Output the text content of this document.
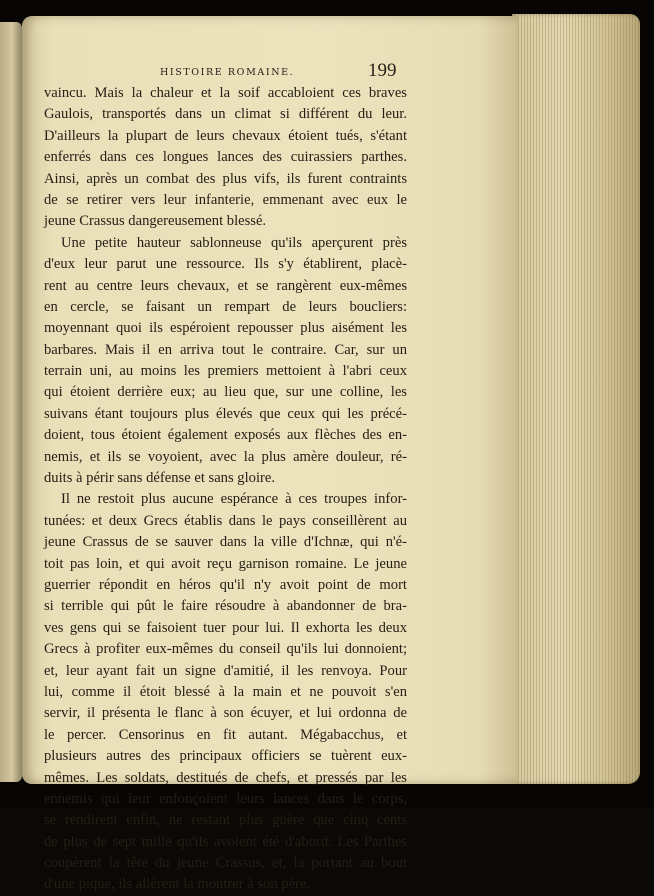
HISTOIRE ROMAINE.	199
vaincu. Mais la chaleur et la soif accabloient ces braves
Gaulois, transportés dans un climat si différent du leur.
D'ailleurs la plupart de leurs chevaux étoient tués, s'étant
enferrés dans ces longues lances des cuirassiers parthes.
Ainsi, après un combat des plus vifs, ils furent contraints
de se retirer vers leur infanterie, emmenant avec eux le
jeune Crassus dangereusement blessé.
Une petite hauteur sablonneuse qu'ils aperçurent près
d'eux leur parut une ressource. Ils s'y établirent, placè-
rent au centre leurs chevaux, et se rangèrent eux-mêmes
en cercle, se faisant un rempart de leurs boucliers:
moyennant quoi ils espéroient repousser plus aisément les
barbares. Mais il en arriva tout le contraire. Car, sur un
terrain uni, au moins les premiers mettoient à l'abri ceux
qui étoient derrière eux; au lieu que, sur une colline, les
suivans étant toujours plus élevés que ceux qui les précé-
doient, tous étoient également exposés aux flèches des en-
nemis, et ils se voyoient, avec la plus amère douleur, ré-
duits à périr sans défense et sans gloire.
Il ne restoit plus aucune espérance à ces troupes infor-
tunées: et deux Grecs établis dans le pays conseillèrent au
jeune Crassus de se sauver dans la ville d'Ichnæ, qui n'é-
toit pas loin, et qui avoit reçu garnison romaine. Le jeune
guerrier répondit en héros qu'il n'y avoit point de mort
si terrible qui pût le faire résoudre à abandonner de bra-
ves gens qui se faisoient tuer pour lui. Il exhorta les deux
Grecs à profiter eux-mêmes du conseil qu'ils lui donnoient;
et, leur ayant fait un signe d'amitié, il les renvoya. Pour
lui, comme il étoit blessé à la main et ne pouvoit s'en
servir, il présenta le flanc à son écuyer, et lui ordonna de
le percer. Censorinus en fit autant. Mégabacchus, et
plusieurs autres des principaux officiers se tuèrent eux-
mêmes. Les soldats, destitués de chefs, et pressés par les
ennemis qui leur enfonçoient leurs lances dans le corps,
se rendirent enfin, ne restant plus guère que cinq cents
de plus de sept mille qu'ils avoient été d'abord. Les Parthes
coupèrent la tête du jeune Crassus, et, la portant au bout
d'une pique, ils allèrent la montrer à son père.
